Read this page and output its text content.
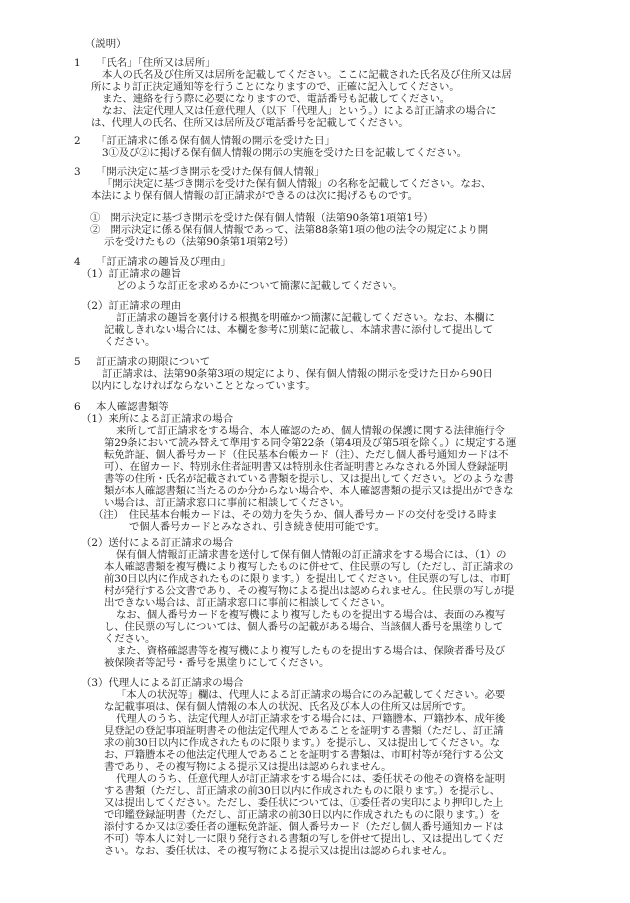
（説明）
1 「氏名」「住所又は居所」
本人の氏名及び住所又は居所を記載してください。ここに記載された氏名及び住所又は居
所により訂正決定通知等を行うことになりますので、正確に記入してください。
また、連絡を行う際に必要になりますので、電話番号も記載してください。
なお、法定代理人又は任意代理人（以下「代理人」という。）による訂正請求の場合に
は、代理人の氏名、住所又は居所及び電話番号を記載してください。
2 「訂正請求に係る保有個人情報の開示を受けた日」
3①及び②に掲げる保有個人情報の開示の実施を受けた日を記載してください。
3 「開示決定に基づき開示を受けた保有個人情報」
「開示決定に基づき開示を受けた保有個人情報」の名称を記載してください。なお、
本法により保有個人情報の訂正請求ができるのは次に掲げるものです。
①　開示決定に基づき開示を受けた保有個人情報（法第90条第1項第1号）
②　開示決定に係る保有個人情報であって、法第88条第1項の他の法令の規定により開
示を受けたもの（法第90条第1項第2号）
4 「訂正請求の趣旨及び理由」
（1）訂正請求の趣旨
どのような訂正を求めるかについて簡潔に記載してください。
（2）訂正請求の理由
訂正請求の趣旨を裏付ける根拠を明確かつ簡潔に記載してください。なお、本欄に
記載しきれない場合には、本欄を参考に別葉に記載し、本請求書に添付して提出して
ください。
5 訂正請求の期限について
訂正請求は、法第90条第3項の規定により、保有個人情報の開示を受けた日から90日
以内にしなければならないこととなっています。
6 本人確認書類等
（1）来所による訂正請求の場合
来所して訂正請求をする場合、本人確認のため、個人情報の保護に関する法律施行令
第29条において読み替えて準用する同令第22条（第4項及び第5項を除く。）に規定する運
転免許証、個人番号カード（住民基本台帳カード（注）、ただし個人番号通知カードは不
可）、在留カード、特別永住者証明書又は特別永住者証明書とみなされる外国人登録証明
書等の住所・氏名が記載されている書類を提示し、又は提出してください。どのような書
類が本人確認書類に当たるのか分からない場合や、本人確認書類の提示又は提出ができな
い場合は、訂正請求窓口に事前に相談してください。
（注）　住民基本台帳カードは、その効力を失うか、個人番号カードの交付を受ける時ま
で個人番号カードとみなされ、引き続き使用可能です。
（2）送付による訂正請求の場合
保有個人情報訂正請求書を送付して保有個人情報の訂正請求をする場合には、（1）の
本人確認書類を複写機により複写したものに併せて、住民票の写し（ただし、訂正請求の
前30日以内に作成されたものに限ります。）を提出してください。住民票の写しは、市町
村が発行する公文書であり、その複写物による提出は認められません。住民票の写しが提
出できない場合は、訂正請求窓口に事前に相談してください。
なお、個人番号カードを複写機により複写したものを提出する場合は、表面のみ複写
し、住民票の写しについては、個人番号の記載がある場合、当該個人番号を黒塗りして
ください。
また、資格確認書等を複写機により複写したものを提出する場合は、保険者番号及び
被保険者等記号・番号を黒塗りにしてください。
（3）代理人による訂正請求の場合
「本人の状況等」欄は、代理人による訂正請求の場合にのみ記載してください。必要
な記載事項は、保有個人情報の本人の状況、氏名及び本人の住所又は居所です。
代理人のうち、法定代理人が訂正請求をする場合には、戸籍謄本、戸籍抄本、成年後
見登記の登記事項証明書その他法定代理人であることを証明する書類（ただし、訂正請
求の前30日以内に作成されたものに限ります。）を提示し、又は提出してください。な
お、戸籍謄本その他法定代理人であることを証明する書類は、市町村等が発行する公文
書であり、その複写物による提示又は提出は認められません。
代理人のうち、任意代理人が訂正請求をする場合には、委任状その他その資格を証明
する書類（ただし、訂正請求の前30日以内に作成されたものに限ります。）を提示し、
又は提出してください。ただし、委任状については、①委任者の実印により押印した上
で印鑑登録証明書（ただし、訂正請求の前30日以内に作成されたものに限ります。）を
添付するか又は②委任者の運転免許証、個人番号カード（ただし個人番号通知カードは
不可）等本人に対し一に限り発行される書類の写しを併せて提出し、又は提出してくだ
さい。なお、委任状は、その複写物による提示又は提出は認められません。
